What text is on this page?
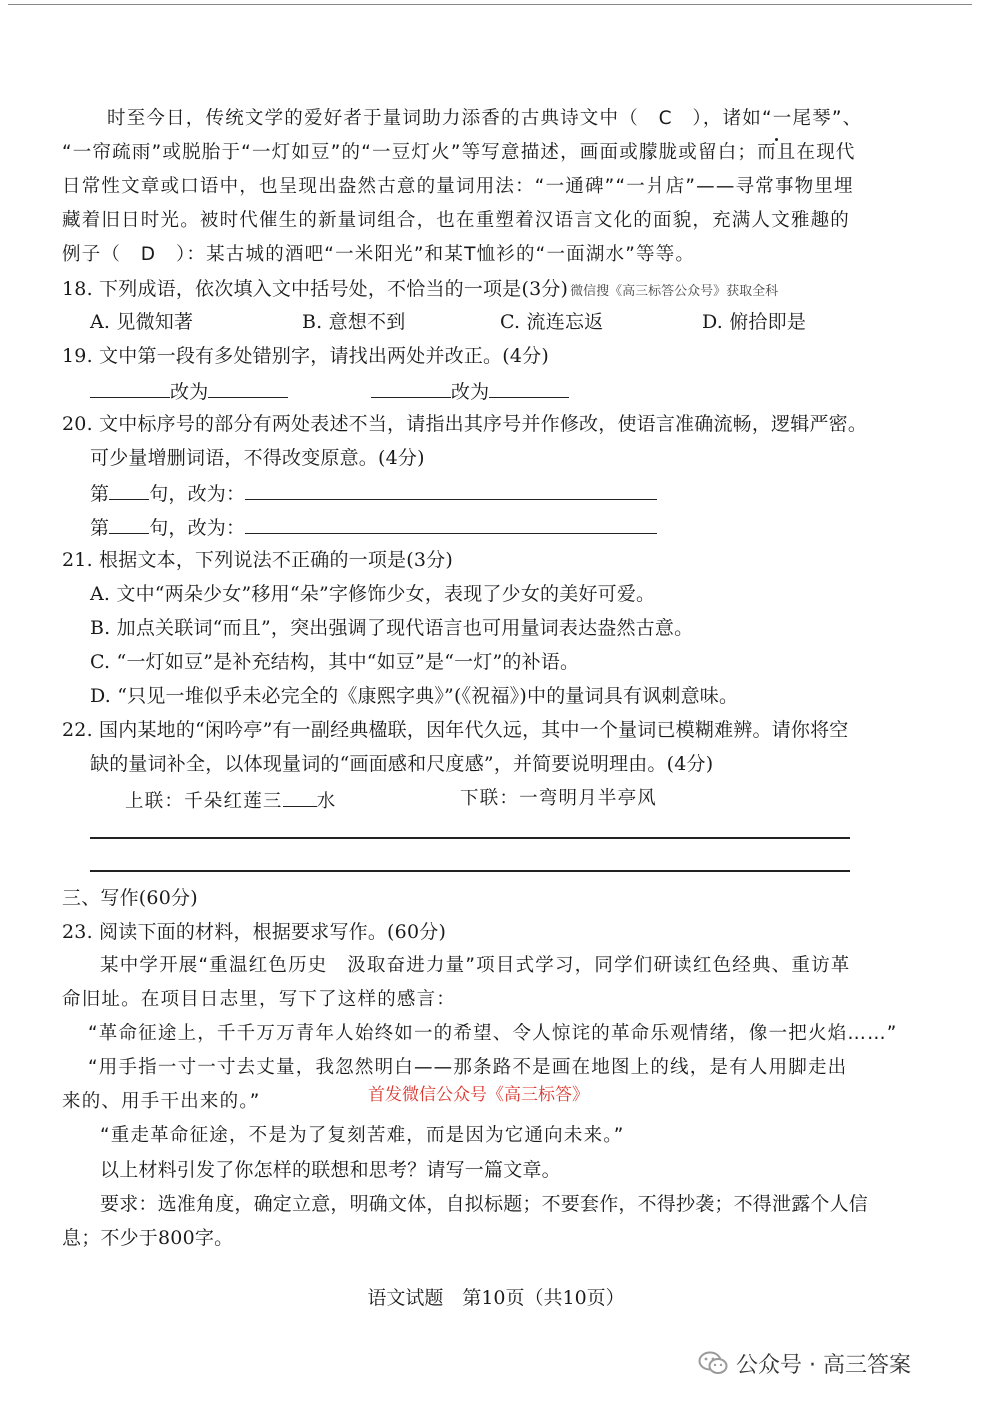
时至今日，传统文学的爱好者于量词助力添香的古典诗文中（　C　），诸如“一尾琴”、
“一帘疏雨”或脱胎于“一灯如豆”的“一豆灯火”等写意描述，画面或朦胧或留白；而且在现代
日常性文章或口语中，也呈现出盎然古意的量词用法：“一通碑”“一爿店”——寻常事物里埋
藏着旧日时光。被时代催生的新量词组合，也在重塑着汉语言文化的面貌，充满人文雅趣的
例子（　D　）：某古城的酒吧“一米阳光”和某T恤衫的“一面湖水”等等。
18. 下列成语，依次填入文中括号处，不恰当的一项是(3分) 微信搜《高三标答公众号》获取全科
A. 见微知著	B. 意想不到	C. 流连忘返	D. 俯拾即是
19. 文中第一段有多处错别字，请找出两处并改正。(4分)
改为	改为
20. 文中标序号的部分有两处表述不当，请指出其序号并作修改，使语言准确流畅，逻辑严密。
可少量增删词语，不得改变原意。(4分)
第 句，改为：
第 句，改为：
21. 根据文本，下列说法不正确的一项是(3分)
A. 文中“两朵少女”移用“朵”字修饰少女，表现了少女的美好可爱。
B. 加点关联词“而且”，突出强调了现代语言也可用量词表达盎然古意。
C. “一灯如豆”是补充结构，其中“如豆”是“一灯”的补语。
D. “只见一堆似乎未必完全的《康熙字典》”(《祝福》)中的量词具有讽刺意味。
22. 国内某地的“闲吟亭”有一副经典楹联，因年代久远，其中一个量词已模糊难辨。请你将空
缺的量词补全，以体现量词的“画面感和尺度感”，并简要说明理由。(4分)
上联：千朵红莲三 水	下联：一弯明月半亭风
三、写作(60分)
23. 阅读下面的材料，根据要求写作。(60分)
某中学开展“重温红色历史　汲取奋进力量”项目式学习，同学们研读红色经典、重访革
命旧址。在项目日志里，写下了这样的感言：
“革命征途上，千千万万青年人始终如一的希望、令人惊诧的革命乐观情绪，像一把火焰……”
“用手指一寸一寸去丈量，我忽然明白——那条路不是画在地图上的线，是有人用脚走出
来的、用手干出来的。”	首发微信公众号《高三标答》
“重走革命征途，不是为了复刻苦难，而是因为它通向未来。”
以上材料引发了你怎样的联想和思考？请写一篇文章。
要求：选准角度，确定立意，明确文体，自拟标题；不要套作，不得抄袭；不得泄露个人信
息；不少于800字。
语文试题　第10页（共10页）
公众号 · 高三答案
